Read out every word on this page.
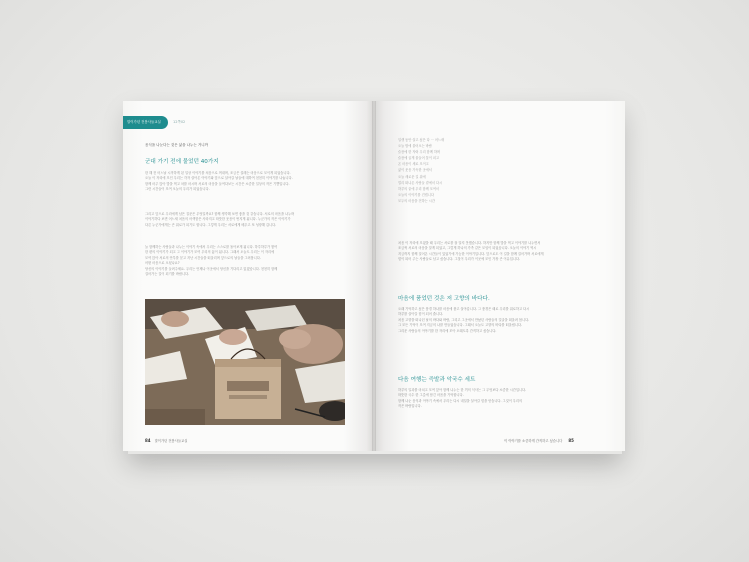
말이가던 전봉사들교실	12쪽02
음식을 나눈다는 것은 삶을 나누는 거니까
군대 가기 전에 물었던 40가지
한 해 전 어느날 시작하게 된 일상 이야기를 처음으로 꺼내며, 조금은 설레는 마음으로 모이게 되었습니다.
오늘 이 자리에 모인 우리는 각자 살아온 이야기와 앞으로 살아갈 날들에 대하여 천천히 이야기를 나눕니다.
함께 마주 앉아 밥을 먹고 차를 마시며 서로의 마음을 들여다보는 시간은 소중한 일상의 작은 기쁨입니다.
그런 시간들이 모여 오늘의 우리가 되었습니다.
그리고 앞으로 우리에게 남은 질문은 무엇일까요? 함께 생각해 보면 좋을 것 같습니다. 서로의 마음을 나누며
이야기하다 보면 어느새 처음의 어색함은 사라지고 따뜻한 웃음이 번지게 됩니다. 누군가의 작은 이야기가
다른 누군가에게는 큰 위로가 되기도 합니다. 그렇게 우리는 서로에게 배우고 또 성장해 갑니다.
늘 함께하는 사람들과 나누는 이야기 속에서 우리는 스스로를 돌아보게 됩니다. 하루하루가 쌓여
한 편의 이야기가 되고 그 이야기가 모여 우리의 삶이 됩니다. 그래서 오늘도 우리는 이 자리에
모여 앉아 서로의 안부를 묻고 지난 시간들을 떠올리며 앞으로의 날들을 그려봅니다.
어떤 마음으로 오셨나요?
당신의 이야기를 들려주세요. 우리는 언제나 이곳에서 당신을 기다리고 있겠습니다. 천천히 함께
걸어가는 길이 되기를 바랍니다.
84 말이가던 전봉사들교실
일생 동안 살고 싶은 다 ㅡ 어느새
오늘 밤에 불어오는 바람
슬픔에 한 자락 우리 함께 하며
슬픔에 곱게 물들어 꽃이 피고
온 마음이 새로 모이고
삶이 웃음 가득한 곳에서
오늘 새로운 길 위에
멀리 떠나온 사람들 곁에서 다시
하루의 끝에 우리 함께 모여서
오늘의 이야기를 건넵니다
모두의 마음을 전하는 시간
처음 이 자리에 모였을 때 우리는 서로를 잘 알지 못했습니다. 하지만 함께 밥을 먹고 이야기를 나누면서
조금씩 서로의 마음을 알게 되었고, 그렇게 하나의 가족 같은 모임이 되었습니다. 오늘의 이야기 역시
지금까지 함께 걸어온 시간들이 있었기에 가능한 이야기입니다. 앞으로도 이 길을 함께 걸어가며 서로에게
힘이 되어 주는 사람들로 남고 싶습니다. 그것이 우리가 이곳에 모인 가장 큰 이유입니다.
마음에 품었던 것은 저 고향의 바다다.
오래 기억하고 싶은 풍경 하나를 마음에 품고 살아갑니다. 그 풍경은 때로 우리를 위로하고 다시
하루를 살아갈 힘이 되어 줍니다.
처음 고향을 떠나던 날의 바다와 바람, 그리고 그곳에서 만났던 사람들의 얼굴을 떠올려 봅니다.
그 모든 기억이 모여 지금의 나를 만들었습니다. 그래서 오늘도 고향의 바다를 떠올립니다.
그리운 사람들의 이야기를 한 자리에 모아 오래도록 간직하고 싶습니다.
다음 여행는 즉발과 악국수 세트
하루의 일과를 마치고 모여 앉아 함께 나누는 한 끼의 식사는 그 무엇보다 소중한 시간입니다.
따뜻한 국수 한 그릇에 담긴 마음을 기억합니다.
함께 나눈 음식과 이야기 속에서 우리는 다시 내일을 살아갈 힘을 얻습니다. 그것이 우리의
작은 바람입니다.
이 이야기를 소중하게 간직하고 싶습니다 85
